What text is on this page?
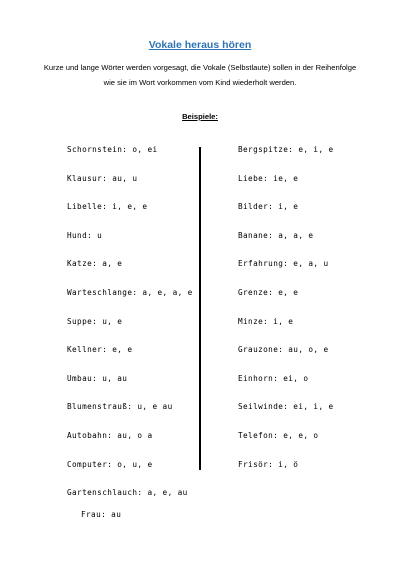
Vokale heraus hören
Kurze und lange Wörter werden vorgesagt, die Vokale (Selbstlaute) sollen in der Reihenfolge wie sie im Wort vorkommen vom Kind wiederholt werden.
Beispiele:
Schornstein: o, ei
Klausur: au, u
Libelle: i, e, e
Hund: u
Katze: a, e
Warteschlange: a, e, a, e
Suppe: u, e
Kellner: e, e
Umbau: u, au
Blumenstrauß: u, e au
Autobahn: au, o a
Computer: o, u, e
Gartenschlauch: a, e, au
Bergspitze: e, i, e
Liebe: ie, e
Bilder: i, e
Banane: a, a, e
Erfahrung: e, a, u
Grenze: e, e
Minze: i, e
Grauzone: au, o, e
Einhorn: ei, o
Seilwinde: ei, i, e
Telefon: e, e, o
Frisör: i, ö
Frau: au
